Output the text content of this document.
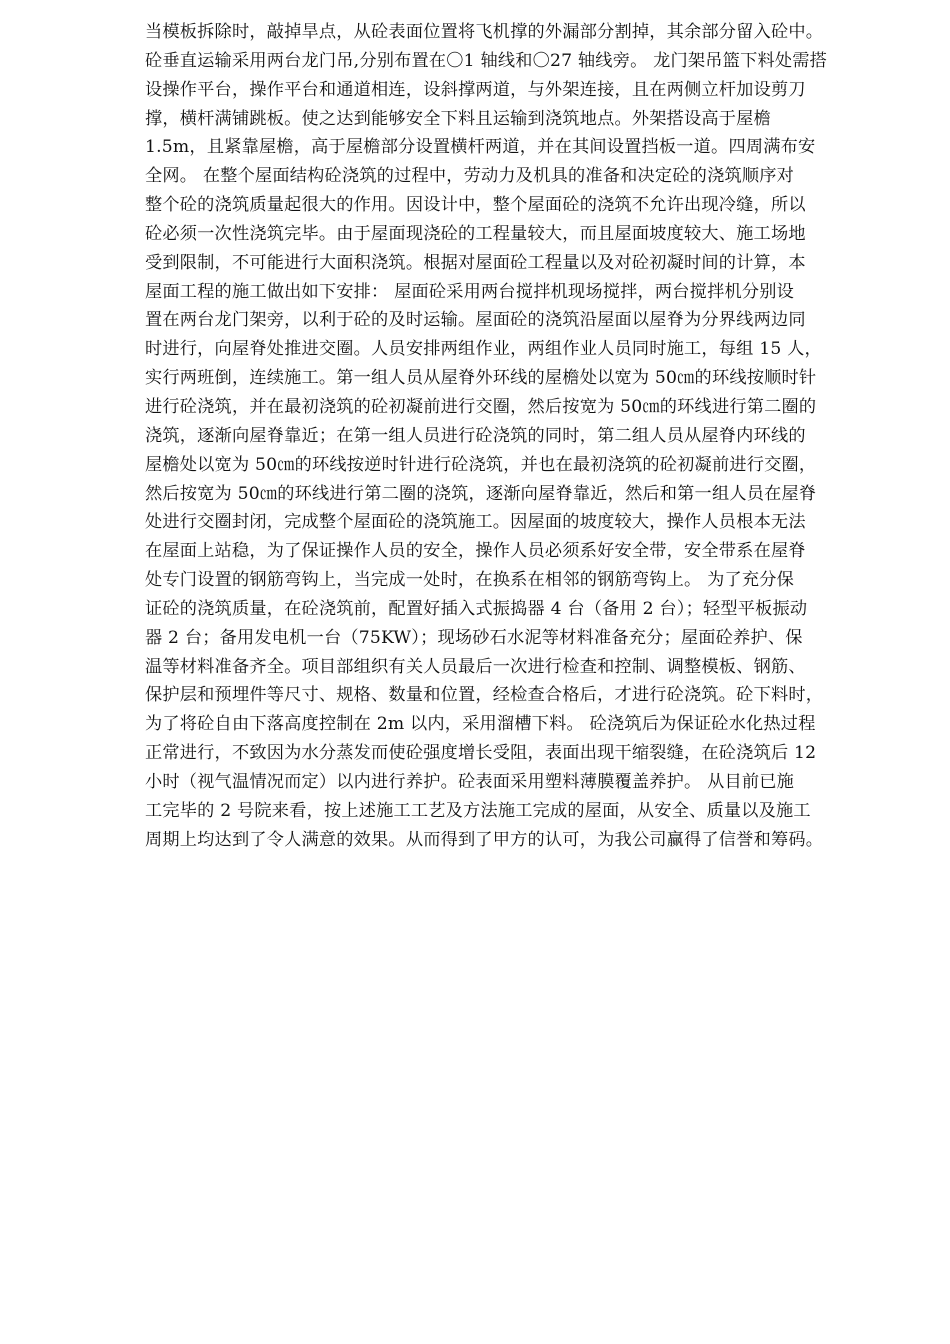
当模板拆除时，敲掉旱点，从砼表面位置将飞机撑的外漏部分割掉，其余部分留入砼中。
砼垂直运输采用两台龙门吊,分别布置在〇1 轴线和〇27 轴线旁。 龙门架吊篮下料处需搭
设操作平台，操作平台和通道相连，设斜撑两道，与外架连接，且在两侧立杆加设剪刀
撑，横杆满铺跳板。使之达到能够安全下料且运输到浇筑地点。外架搭设高于屋檐
1.5m，且紧靠屋檐，高于屋檐部分设置横杆两道，并在其间设置挡板一道。四周满布安
全网。 在整个屋面结构砼浇筑的过程中，劳动力及机具的准备和决定砼的浇筑顺序对
整个砼的浇筑质量起很大的作用。因设计中，整个屋面砼的浇筑不允许出现冷缝，所以
砼必须一次性浇筑完毕。由于屋面现浇砼的工程量较大，而且屋面坡度较大、施工场地
受到限制，不可能进行大面积浇筑。根据对屋面砼工程量以及对砼初凝时间的计算，本
屋面工程的施工做出如下安排： 屋面砼采用两台搅拌机现场搅拌，两台搅拌机分别设
置在两台龙门架旁，以利于砼的及时运输。屋面砼的浇筑沿屋面以屋脊为分界线两边同
时进行，向屋脊处推进交圈。人员安排两组作业，两组作业人员同时施工，每组 15 人，
实行两班倒，连续施工。第一组人员从屋脊外环线的屋檐处以宽为 50㎝的环线按顺时针
进行砼浇筑，并在最初浇筑的砼初凝前进行交圈，然后按宽为 50㎝的环线进行第二圈的
浇筑，逐渐向屋脊靠近；在第一组人员进行砼浇筑的同时，第二组人员从屋脊内环线的
屋檐处以宽为 50㎝的环线按逆时针进行砼浇筑，并也在最初浇筑的砼初凝前进行交圈，
然后按宽为 50㎝的环线进行第二圈的浇筑，逐渐向屋脊靠近，然后和第一组人员在屋脊
处进行交圈封闭，完成整个屋面砼的浇筑施工。因屋面的坡度较大，操作人员根本无法
在屋面上站稳，为了保证操作人员的安全，操作人员必须系好安全带，安全带系在屋脊
处专门设置的钢筋弯钩上，当完成一处时，在换系在相邻的钢筋弯钩上。 为了充分保
证砼的浇筑质量，在砼浇筑前，配置好插入式振捣器 4 台（备用 2 台）；轻型平板振动
器 2 台；备用发电机一台（75KW）；现场砂石水泥等材料准备充分；屋面砼养护、保
温等材料准备齐全。项目部组织有关人员最后一次进行检查和控制、调整模板、钢筋、
保护层和预埋件等尺寸、规格、数量和位置，经检查合格后，才进行砼浇筑。砼下料时，
为了将砼自由下落高度控制在 2m 以内，采用溜槽下料。 砼浇筑后为保证砼水化热过程
正常进行，不致因为水分蒸发而使砼强度增长受阻，表面出现干缩裂缝，在砼浇筑后 12
小时（视气温情况而定）以内进行养护。砼表面采用塑料薄膜覆盖养护。 从目前已施
工完毕的 2 号院来看，按上述施工工艺及方法施工完成的屋面，从安全、质量以及施工
周期上均达到了令人满意的效果。从而得到了甲方的认可，为我公司赢得了信誉和筹码。
